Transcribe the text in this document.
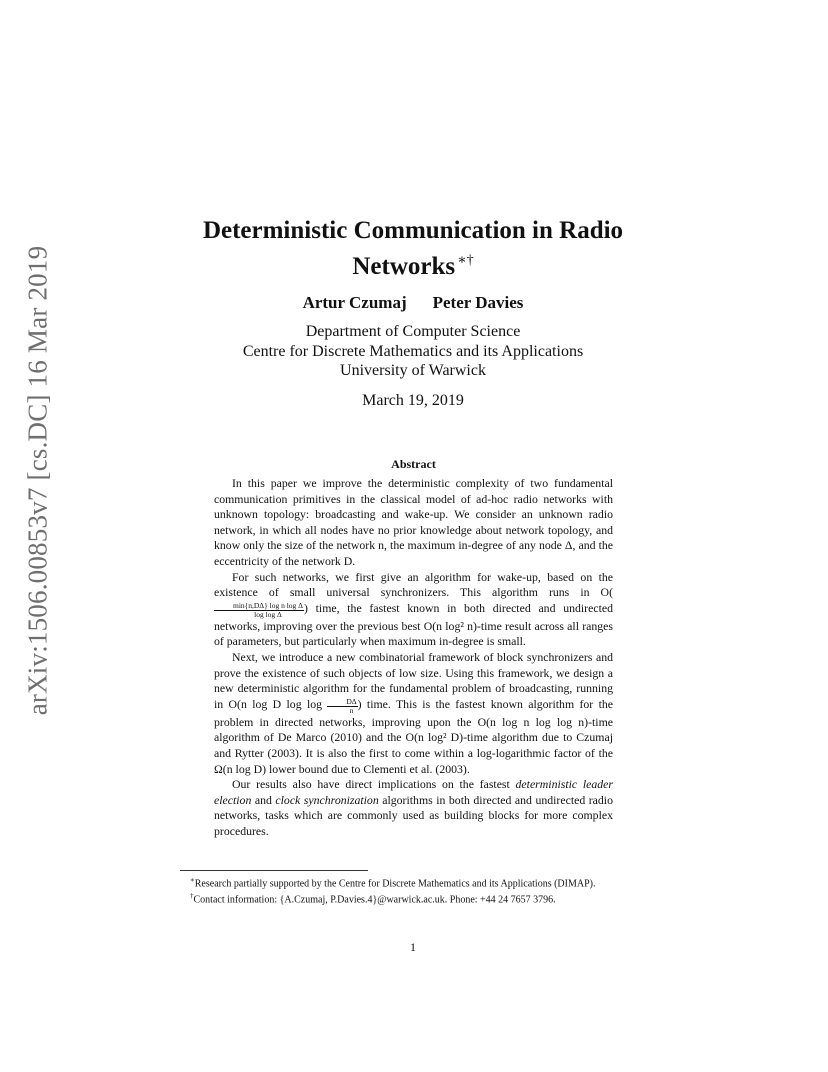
arXiv:1506.00853v7 [cs.DC] 16 Mar 2019
Deterministic Communication in Radio
Networks ∗†
Artur Czumaj Peter Davies
Department of Computer Science
Centre for Discrete Mathematics and its Applications
University of Warwick
March 19, 2019
Abstract

In this paper we improve the deterministic complexity of two fundamental communication primitives in the classical model of ad-hoc radio networks with unknown topology: broadcasting and wake-up. We consider an unknown radio network, in which all nodes have no prior knowledge about network topology, and know only the size of the network n, the maximum in-degree of any node Δ, and the eccentricity of the network D.

For such networks, we first give an algorithm for wake-up, based on the existence of small universal synchronizers. This algorithm runs in O(
$\frac{\text{min\{n,DΔ\} log n log Δ}}{\text{log log Δ}}$ ) time, the fastest known in both directed and undirected networks, improving over the previous best O(n log² n)-time result across all ranges of parameters, but particularly when maximum in-degree is small.

Next, we introduce a new combinatorial framework of block synchronizers and prove the existence of such objects of low size. Using this framework, we design a new deterministic algorithm for the fundamental problem of broadcasting, running in O(n log D $\log \log \frac{D\Delta}{n}$ ) time. This is the fastest known algorithm for the problem in directed networks, improving upon the O(n log n log log n)-time algorithm of De Marco (2010) and the O(n log² D)-time algorithm due to Czumaj and Rytter (2003). It is also the first to come within a log-logarithmic factor of the Ω(n log D) lower bound due to Clementi et al. (2003).

Our results also have direct implications on the fastest deterministic leader election and clock synchronization algorithms in both directed and undirected radio networks, tasks which are commonly used as building blocks for more complex procedures.

∗Research partially supported by the Centre for Discrete Mathematics and its Applications (DIMAP).

†Contact information: {A.Czumaj, P.Davies.4}@warwick.ac.uk. Phone: +44 24 7657 3796.

1
